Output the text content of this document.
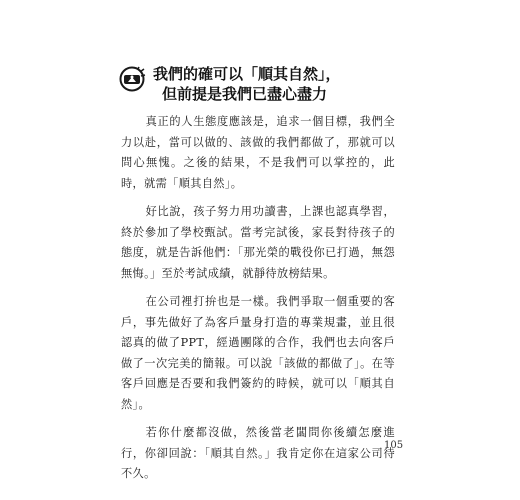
我們的確可以「順其自然」，
但前提是我們已盡心盡力

真正的人生態度應該是，追求一個目標，我們全力以赴，當可以做的、該做的我們都做了，那就可以問心無愧。之後的結果，不是我們可以掌控的，此時，就需「順其自然」。

好比說，孩子努力用功讀書，上課也認真學習，終於參加了學校甄試。當考完試後，家長對待孩子的態度，就是告訴他們：「那光榮的戰役你已打過，無怨無悔。」至於考試成績，就靜待放榜結果。

在公司裡打拚也是一樣。我們爭取一個重要的客戶，事先做好了為客戶量身打造的專業規畫，並且很認真的做了PPT，經過團隊的合作，我們也去向客戶做了一次完美的簡報。可以說「該做的都做了」。在等客戶回應是否要和我們簽約的時候，就可以「順其自然」。

若你什麼都沒做，然後當老闆問你後續怎麼進行，你卻回說：「順其自然。」我肯定你在這家公司待不久。

105
